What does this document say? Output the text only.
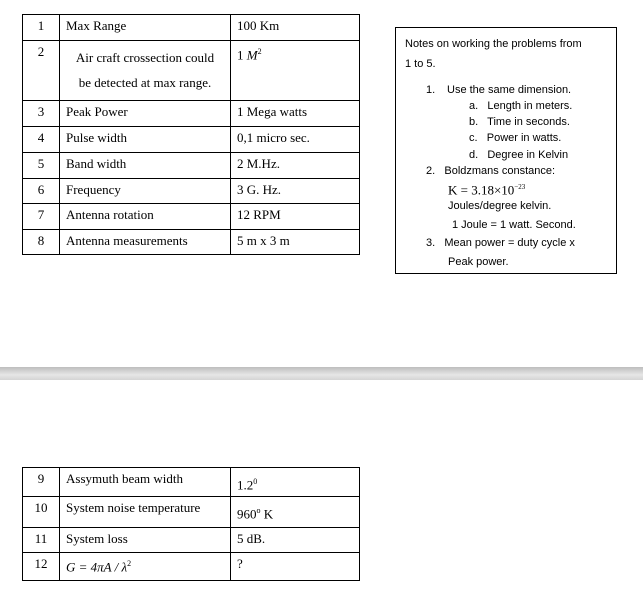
1	Max Range	100 Km
2	Air craft crossection could
be detected at max range.	1 $M^2$
3	Peak Power	1 Mega watts
4	Pulse width	0,1 micro sec.
5	Band width	2 M.Hz.
6	Frequency	3 G. Hz.
7	Antenna rotation	12 RPM
8	Antenna measurements	5 m x 3 m

Notes on working the problems from

1 to 5.

1. Use the same dimension.
a. Length in meters.
b. Time in seconds.
c. Power in watts.
d. Degree in Kelvin
2. Boldzmans constance:
$K = 3.18\times 10^{-23}$
Joules/degree kelvin.
1 Joule = 1 watt. Second.
3. Mean power = duty cycle x
Peak power.
9	Assymuth beam width	$1.2^0$
10	System noise temperature	960$^o$ K
11	System loss	5 dB.
12	$G = 4\pi A / \lambda^2$	?
